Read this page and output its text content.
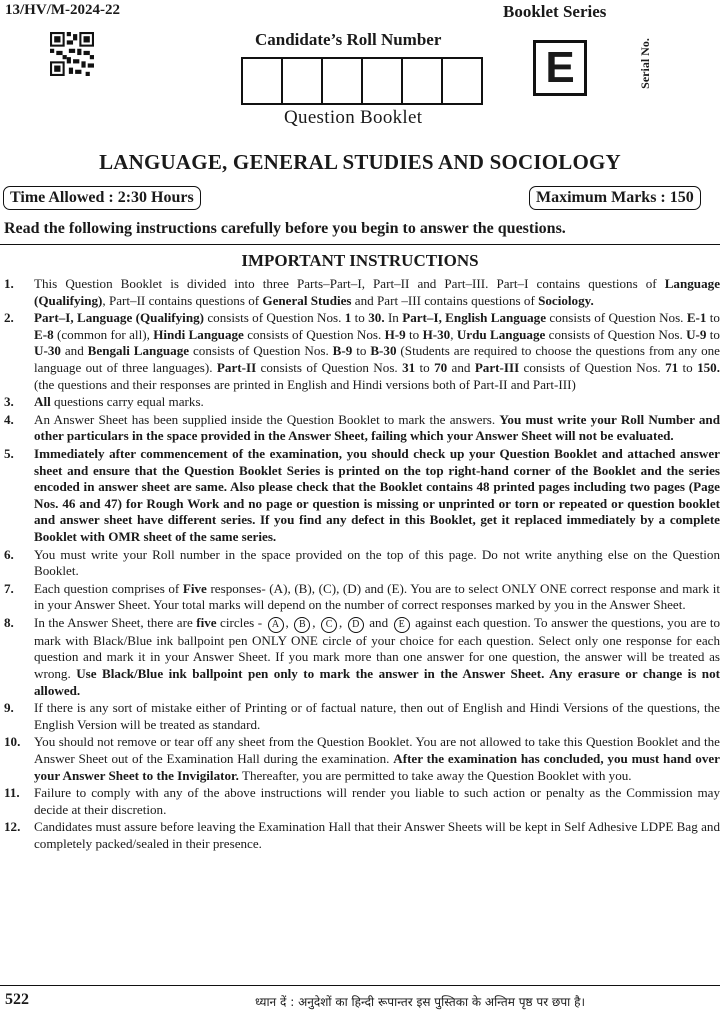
13/HV/M-2024-22	Booklet Series
Candidate’s Roll Number
Question Booklet
E	Serial No.
LANGUAGE, GENERAL STUDIES AND SOCIOLOGY
Time Allowed : 2:30 Hours	Maximum Marks : 150
Read the following instructions carefully before you begin to answer the questions.
IMPORTANT INSTRUCTIONS
1.	This Question Booklet is divided into three Parts–Part–I, Part–II and Part–III. Part–I contains questions of Language (Qualifying), Part–II contains questions of General Studies and Part –III contains questions of Sociology.
2.	Part–I, Language (Qualifying) consists of Question Nos. 1 to 30. In Part–I, English Language consists of Question Nos. E-1 to E-8 (common for all), Hindi Language consists of Question Nos. H-9 to H-30, Urdu Language consists of Question Nos. U-9 to U-30 and Bengali Language consists of Question Nos. B-9 to B-30 (Students are required to choose the questions from any one language out of three languages). Part-II consists of Question Nos. 31 to 70 and Part-III consists of Question Nos. 71 to 150. (the questions and their responses are printed in English and Hindi versions both of Part-II and Part-III)
3.	All questions carry equal marks.
4.	An Answer Sheet has been supplied inside the Question Booklet to mark the answers. You must write your Roll Number and other particulars in the space provided in the Answer Sheet, failing which your Answer Sheet will not be evaluated.
5.	Immediately after commencement of the examination, you should check up your Question Booklet and attached answer sheet and ensure that the Question Booklet Series is printed on the top right-hand corner of the Booklet and the series encoded in answer sheet are same. Also please check that the Booklet contains 48 printed pages including two pages (Page Nos. 46 and 47) for Rough Work and no page or question is missing or unprinted or torn or repeated or question booklet and answer sheet have different series. If you find any defect in this Booklet, get it replaced immediately by a complete Booklet with OMR sheet of the same series.
6.	You must write your Roll number in the space provided on the top of this page. Do not write anything else on the Question Booklet.
7.	Each question comprises of Five responses- (A), (B), (C), (D) and (E). You are to select ONLY ONE correct response and mark it in your Answer Sheet. Your total marks will depend on the number of correct responses marked by you in the Answer Sheet.
8.	In the Answer Sheet, there are five circles - A , B , C , D and E against each question. To answer the questions, you are to mark with Black/Blue ink ballpoint pen ONLY ONE circle of your choice for each question. Select only one response for each question and mark it in your Answer Sheet. If you mark more than one answer for one question, the answer will be treated as wrong. Use Black/Blue ink ballpoint pen only to mark the answer in the Answer Sheet. Any erasure or change is not allowed.
9.	If there is any sort of mistake either of Printing or of factual nature, then out of English and Hindi Versions of the questions, the English Version will be treated as standard.
10.	You should not remove or tear off any sheet from the Question Booklet. You are not allowed to take this Question Booklet and the Answer Sheet out of the Examination Hall during the examination. After the examination has concluded, you must hand over your Answer Sheet to the Invigilator. Thereafter, you are permitted to take away the Question Booklet with you.
11.	Failure to comply with any of the above instructions will render you liable to such action or penalty as the Commission may decide at their discretion.
12.	Candidates must assure before leaving the Examination Hall that their Answer Sheets will be kept in Self Adhesive LDPE Bag and completely packed/sealed in their presence.
522	ध्यान दें : अनुदेशों का हिन्दी रूपान्तर इस पुस्तिका के अन्तिम पृष्ठ पर छपा है।
